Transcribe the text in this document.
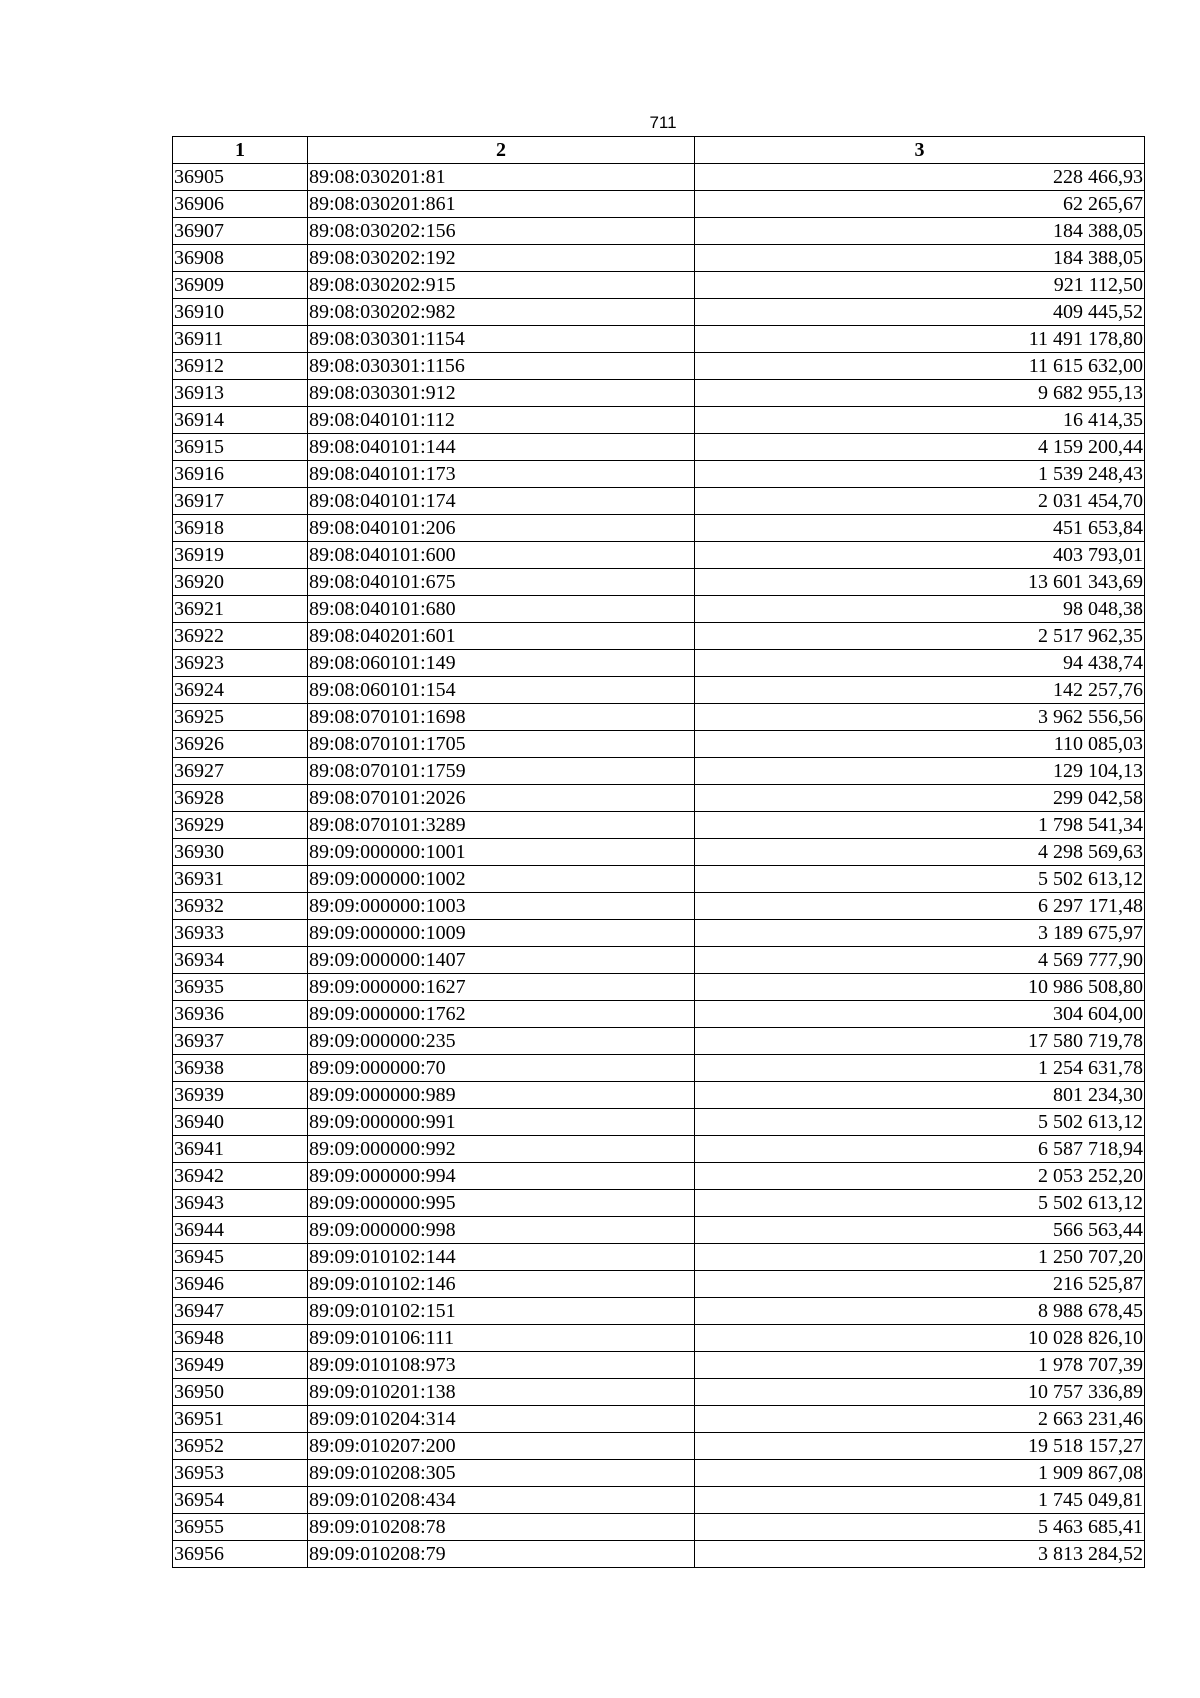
711
1	2	3
36905	89:08:030201:81	228 466,93
36906	89:08:030201:861	62 265,67
36907	89:08:030202:156	184 388,05
36908	89:08:030202:192	184 388,05
36909	89:08:030202:915	921 112,50
36910	89:08:030202:982	409 445,52
36911	89:08:030301:1154	11 491 178,80
36912	89:08:030301:1156	11 615 632,00
36913	89:08:030301:912	9 682 955,13
36914	89:08:040101:112	16 414,35
36915	89:08:040101:144	4 159 200,44
36916	89:08:040101:173	1 539 248,43
36917	89:08:040101:174	2 031 454,70
36918	89:08:040101:206	451 653,84
36919	89:08:040101:600	403 793,01
36920	89:08:040101:675	13 601 343,69
36921	89:08:040101:680	98 048,38
36922	89:08:040201:601	2 517 962,35
36923	89:08:060101:149	94 438,74
36924	89:08:060101:154	142 257,76
36925	89:08:070101:1698	3 962 556,56
36926	89:08:070101:1705	110 085,03
36927	89:08:070101:1759	129 104,13
36928	89:08:070101:2026	299 042,58
36929	89:08:070101:3289	1 798 541,34
36930	89:09:000000:1001	4 298 569,63
36931	89:09:000000:1002	5 502 613,12
36932	89:09:000000:1003	6 297 171,48
36933	89:09:000000:1009	3 189 675,97
36934	89:09:000000:1407	4 569 777,90
36935	89:09:000000:1627	10 986 508,80
36936	89:09:000000:1762	304 604,00
36937	89:09:000000:235	17 580 719,78
36938	89:09:000000:70	1 254 631,78
36939	89:09:000000:989	801 234,30
36940	89:09:000000:991	5 502 613,12
36941	89:09:000000:992	6 587 718,94
36942	89:09:000000:994	2 053 252,20
36943	89:09:000000:995	5 502 613,12
36944	89:09:000000:998	566 563,44
36945	89:09:010102:144	1 250 707,20
36946	89:09:010102:146	216 525,87
36947	89:09:010102:151	8 988 678,45
36948	89:09:010106:111	10 028 826,10
36949	89:09:010108:973	1 978 707,39
36950	89:09:010201:138	10 757 336,89
36951	89:09:010204:314	2 663 231,46
36952	89:09:010207:200	19 518 157,27
36953	89:09:010208:305	1 909 867,08
36954	89:09:010208:434	1 745 049,81
36955	89:09:010208:78	5 463 685,41
36956	89:09:010208:79	3 813 284,52
